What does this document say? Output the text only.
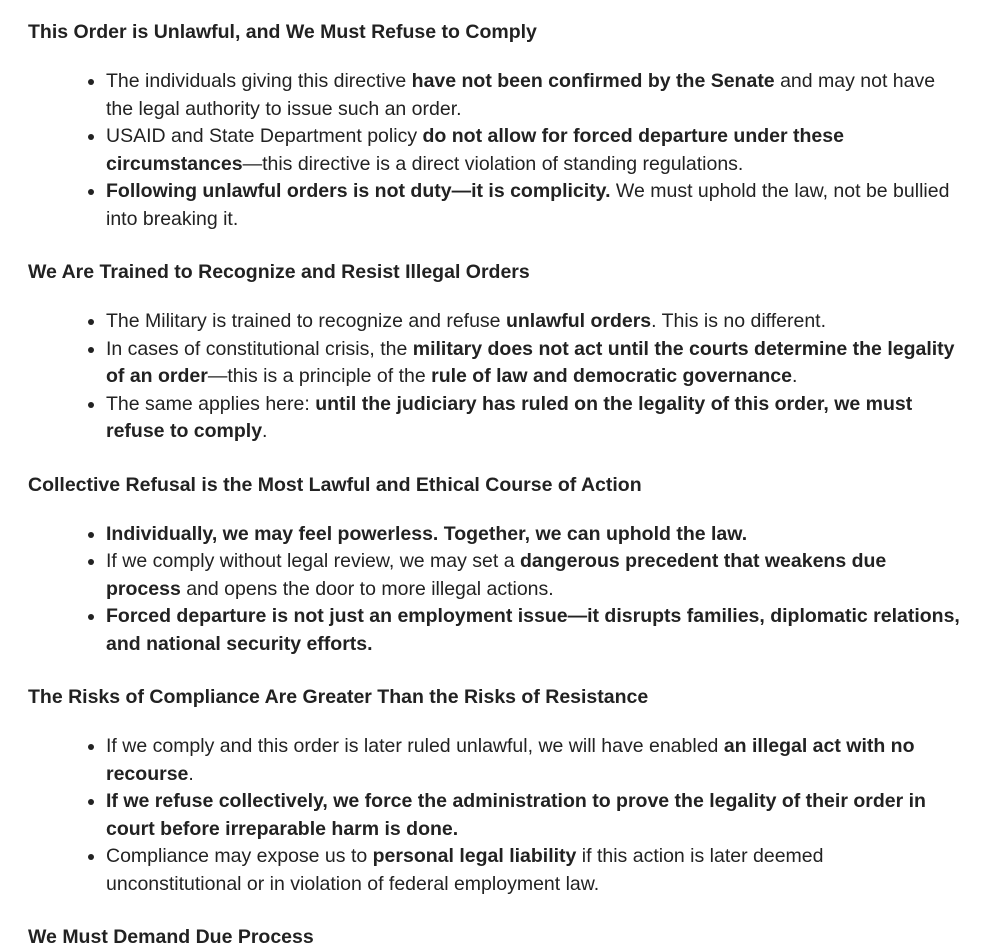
This Order is Unlawful, and We Must Refuse to Comply
• The individuals giving this directive have not been confirmed by the Senate and may not have the legal authority to issue such an order.
• USAID and State Department policy do not allow for forced departure under these circumstances—this directive is a direct violation of standing regulations.
• Following unlawful orders is not duty—it is complicity. We must uphold the law, not be bullied into breaking it.
We Are Trained to Recognize and Resist Illegal Orders
• The Military is trained to recognize and refuse unlawful orders. This is no different.
• In cases of constitutional crisis, the military does not act until the courts determine the legality of an order—this is a principle of the rule of law and democratic governance.
• The same applies here: until the judiciary has ruled on the legality of this order, we must refuse to comply.
Collective Refusal is the Most Lawful and Ethical Course of Action
• Individually, we may feel powerless. Together, we can uphold the law.
• If we comply without legal review, we may set a dangerous precedent that weakens due process and opens the door to more illegal actions.
• Forced departure is not just an employment issue—it disrupts families, diplomatic relations, and national security efforts.
The Risks of Compliance Are Greater Than the Risks of Resistance
• If we comply and this order is later ruled unlawful, we will have enabled an illegal act with no recourse.
• If we refuse collectively, we force the administration to prove the legality of their order in court before irreparable harm is done.
• Compliance may expose us to personal legal liability if this action is later deemed unconstitutional or in violation of federal employment law.
We Must Demand Due Process
